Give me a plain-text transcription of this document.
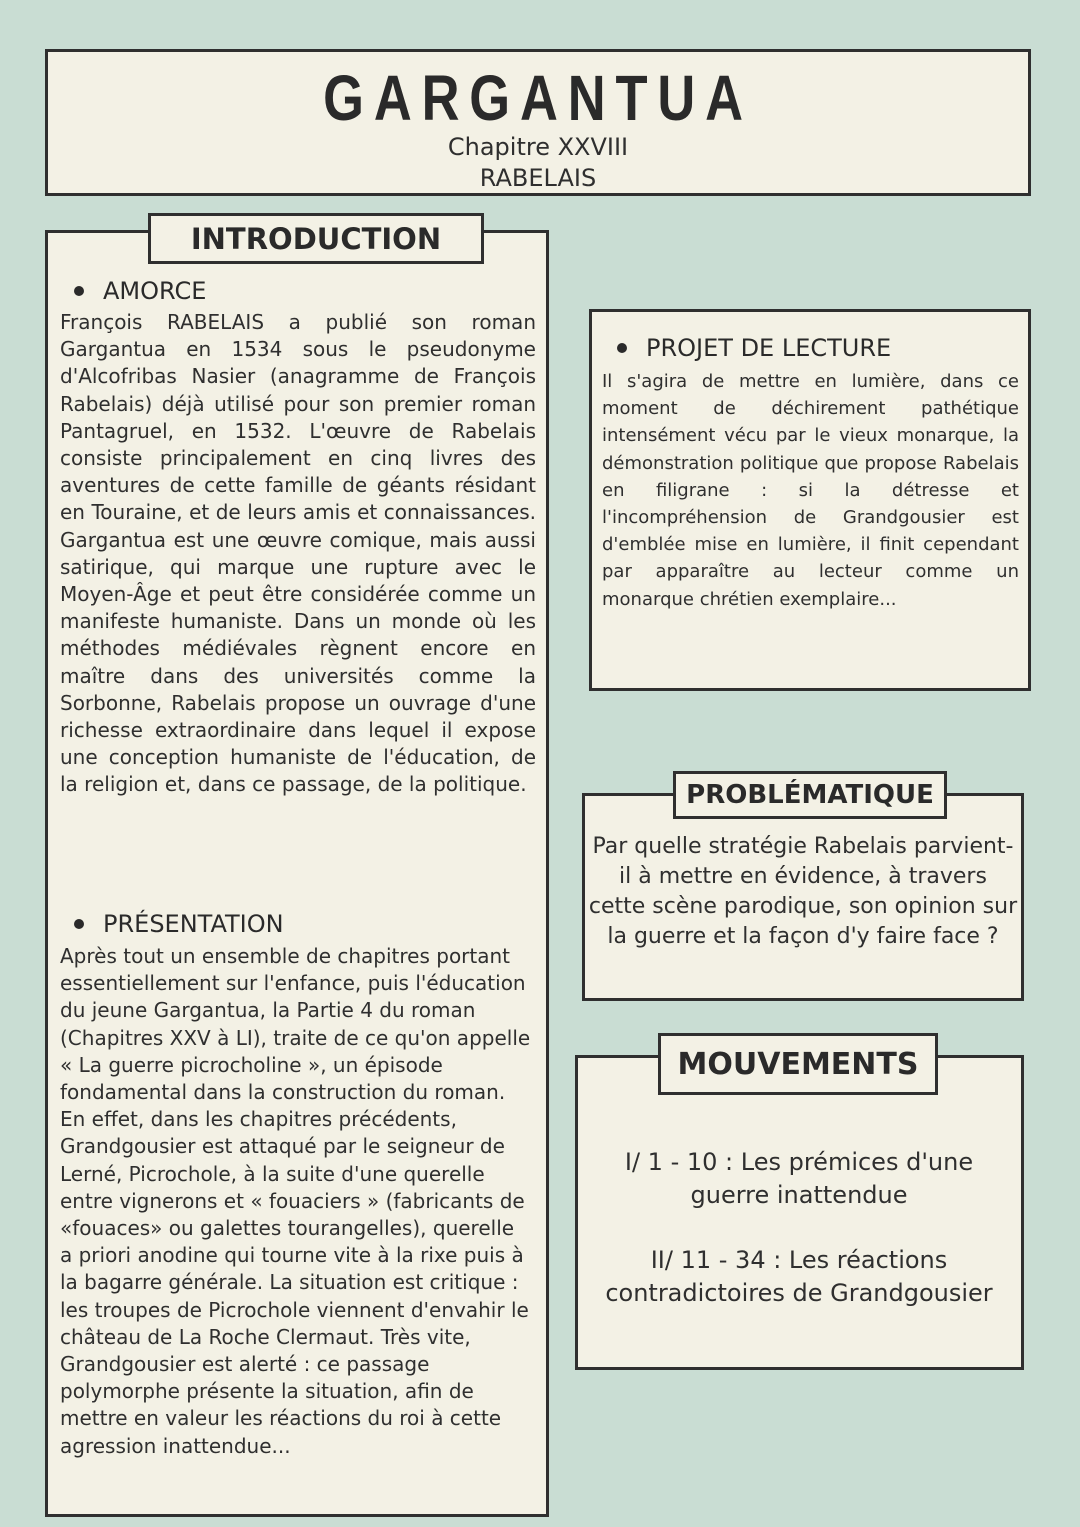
GARGANTUA
Chapitre XXVIII
RABELAIS
INTRODUCTION
AMORCE
François RABELAIS a publié son roman Gargantua en 1534 sous le pseudonyme d'Alcofribas Nasier (anagramme de François Rabelais) déjà utilisé pour son premier roman Pantagruel, en 1532. L'œuvre de Rabelais consiste principalement en cinq livres des aventures de cette famille de géants résidant en Touraine, et de leurs amis et connaissances. Gargantua est une œuvre comique, mais aussi satirique, qui marque une rupture avec le Moyen-Âge et peut être considérée comme un manifeste humaniste. Dans un monde où les méthodes médiévales règnent encore en maître dans des universités comme la Sorbonne, Rabelais propose un ouvrage d'une richesse extraordinaire dans lequel il expose une conception humaniste de l'éducation, de la religion et, dans ce passage, de la politique.
PRÉSENTATION
Après tout un ensemble de chapitres portant essentiellement sur l'enfance, puis l'éducation du jeune Gargantua, la Partie 4 du roman (Chapitres XXV à LI), traite de ce qu'on appelle « La guerre picrocholine », un épisode fondamental dans la construction du roman. En effet, dans les chapitres précédents, Grandgousier est attaqué par le seigneur de Lerné, Picrochole, à la suite d'une querelle entre vignerons et « fouaciers » (fabricants de «fouaces» ou galettes tourangelles), querelle a priori anodine qui tourne vite à la rixe puis à la bagarre générale. La situation est critique : les troupes de Picrochole viennent d'envahir le château de La Roche Clermaut. Très vite, Grandgousier est alerté : ce passage polymorphe présente la situation, afin de mettre en valeur les réactions du roi à cette agression inattendue...
PROJET DE LECTURE
Il s'agira de mettre en lumière, dans ce moment de déchirement pathétique intensément vécu par le vieux monarque, la démonstration politique que propose Rabelais en filigrane : si la détresse et l'incompréhension de Grandgousier est d'emblée mise en lumière, il finit cependant par apparaître au lecteur comme un monarque chrétien exemplaire...
PROBLÉMATIQUE
Par quelle stratégie Rabelais parvient-il à mettre en évidence, à travers cette scène parodique, son opinion sur la guerre et la façon d'y faire face ?
MOUVEMENTS
I/ 1 - 10 : Les prémices d'une guerre inattendue
II/ 11 - 34 : Les réactions contradictoires de Grandgousier
